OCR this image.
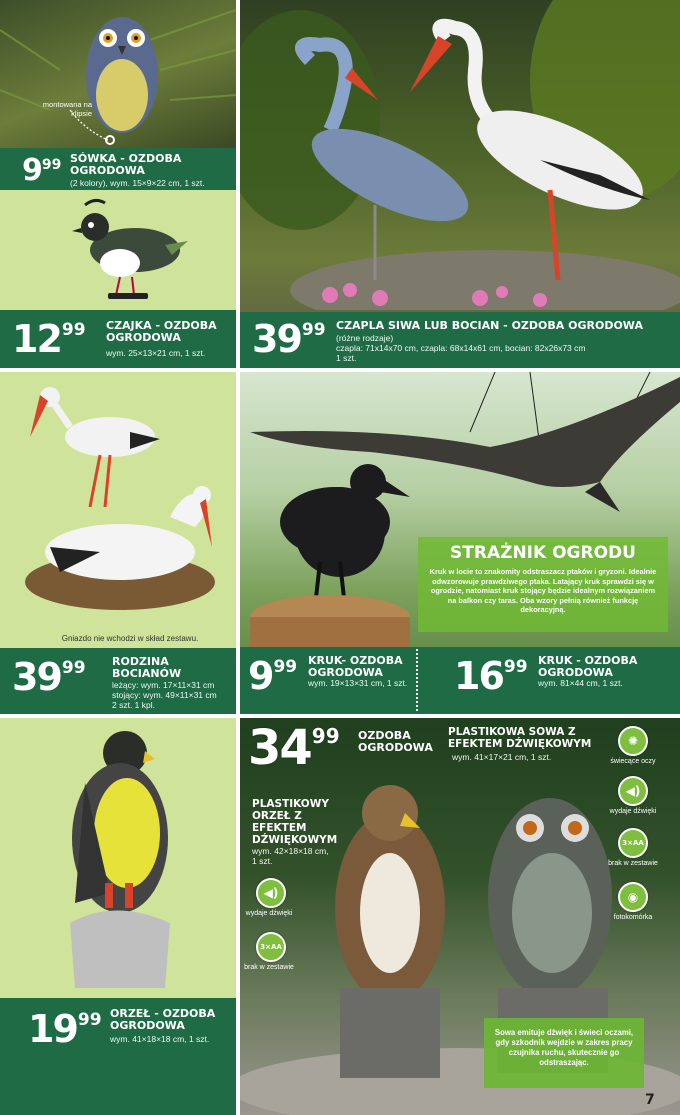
montowana na klipsie
999 SÓWKA - OZDOBA OGRODOWA
(2 kolory), wym. 15×9×22 cm, 1 szt.
1299 CZAJKA - OZDOBA OGRODOWA
wym. 25×13×21 cm, 1 szt.	3999 CZAPLA SIWA LUB BOCIAN - OZDOBA OGRODOWA
(różne rodzaje)
czapla: 71x14x70 cm, czapla: 68x14x61 cm, bocian: 82x26x73 cm
1 szt.
Gniazdo nie wchodzi w skład zestawu.
3999 RODZINA BOCIANÓW
leżący: wym. 17×11×31 cm
stojący: wym. 49×11×31 cm
2 szt. 1 kpl.
STRAŻNIK OGRODU
Kruk w locie to znakomity odstraszacz ptaków i gryzoni. Idealnie odwzorowuje prawdziwego ptaka. Latający kruk sprawdzi się w ogrodzie, natomiast kruk stojący będzie idealnym rozwiązaniem na balkon czy taras. Oba wzory pełnią również funkcję dekoracyjną.
999 KRUK- OZDOBA OGRODOWA
wym. 19×13×31 cm, 1 szt. 1699 KRUK - OZDOBA OGRODOWA
wym. 81×44 cm, 1 szt.
1999 ORZEŁ - OZDOBA OGRODOWA
wym. 41×18×18 cm, 1 szt.
3499 OZDOBA OGRODOWA
PLASTIKOWA SOWA Z EFEKTEM DŹWIĘKOWYM
wym. 41×17×21 cm, 1 szt.
PLASTIKOWY ORZEŁ Z EFEKTEM DŹWIĘKOWYM
wym. 42×18×18 cm,
1 szt.
◀)
wydaje dźwięki
3×AA
brak w zestawie
✺
świecące oczy
◀)
wydaje dźwięki
3×AA
brak w zestawie
◉
fotokomórka
Sowa emituje dźwięk i świeci oczami, gdy szkodnik wejdzie w zakres pracy czujnika ruchu, skutecznie go odstraszając.
7
